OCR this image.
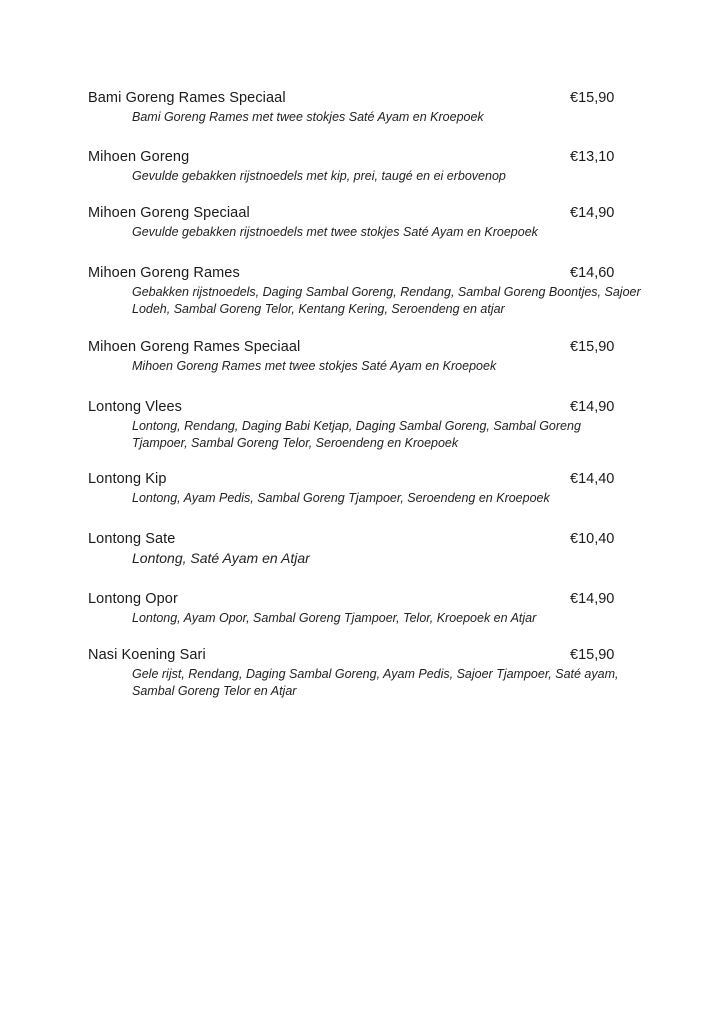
Bami Goreng Rames Speciaal	€15,90
Bami Goreng Rames met twee stokjes Saté Ayam en Kroepoek
Mihoen Goreng	€13,10
Gevulde gebakken rijstnoedels met kip, prei, taugé en ei erbovenop
Mihoen Goreng Speciaal	€14,90
Gevulde gebakken rijstnoedels met twee stokjes Saté Ayam en Kroepoek
Mihoen Goreng Rames	€14,60
Gebakken rijstnoedels, Daging Sambal Goreng, Rendang, Sambal Goreng Boontjes, Sajoer Lodeh, Sambal Goreng Telor, Kentang Kering, Seroendeng en atjar
Mihoen Goreng Rames Speciaal	€15,90
Mihoen Goreng Rames met twee stokjes Saté Ayam en Kroepoek
Lontong Vlees	€14,90
Lontong, Rendang, Daging Babi Ketjap, Daging Sambal Goreng, Sambal Goreng Tjampoer, Sambal Goreng Telor, Seroendeng en Kroepoek
Lontong Kip	€14,40
Lontong, Ayam Pedis, Sambal Goreng Tjampoer, Seroendeng en Kroepoek
Lontong Sate	€10,40
Lontong, Saté Ayam en Atjar
Lontong Opor	€14,90
Lontong, Ayam Opor, Sambal Goreng Tjampoer, Telor, Kroepoek en Atjar
Nasi Koening Sari	€15,90
Gele rijst, Rendang, Daging Sambal Goreng, Ayam Pedis, Sajoer Tjampoer, Saté ayam, Sambal Goreng Telor en Atjar
